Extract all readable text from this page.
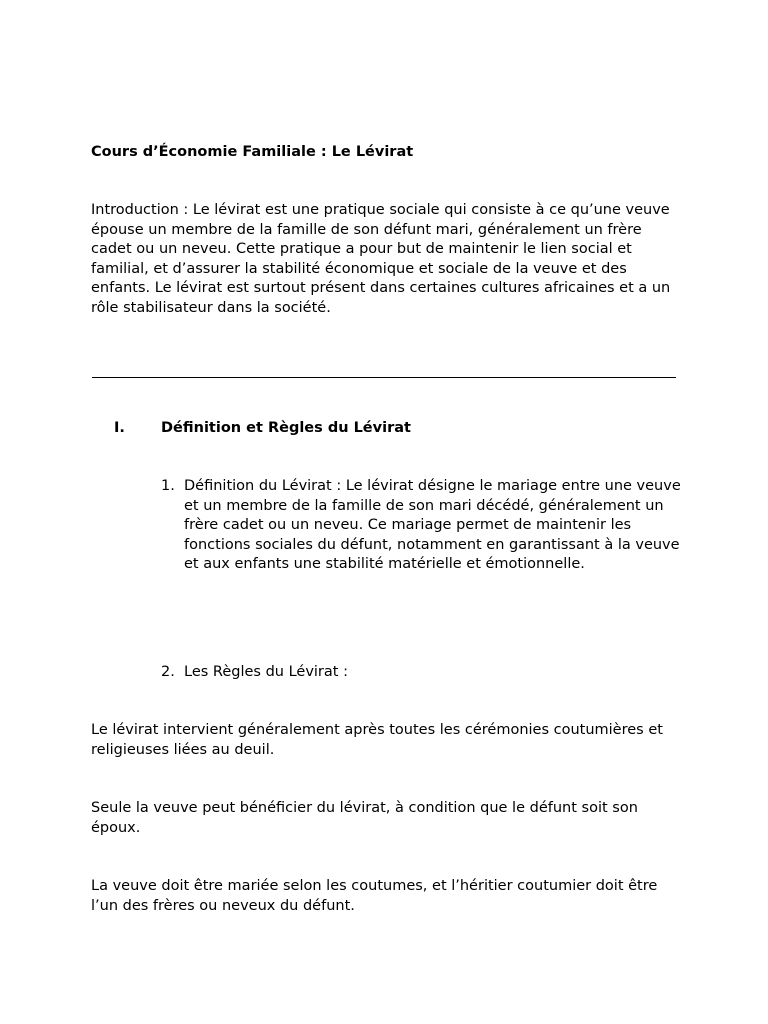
Cours d’Économie Familiale : Le Lévirat
Introduction : Le lévirat est une pratique sociale qui consiste à ce qu’une veuve épouse un membre de la famille de son défunt mari, généralement un frère cadet ou un neveu. Cette pratique a pour but de maintenir le lien social et familial, et d’assurer la stabilité économique et sociale de la veuve et des enfants. Le lévirat est surtout présent dans certaines cultures africaines et a un rôle stabilisateur dans la société.
I. Définition et Règles du Lévirat
1. Définition du Lévirat : Le lévirat désigne le mariage entre une veuve et un membre de la famille de son mari décédé, généralement un frère cadet ou un neveu. Ce mariage permet de maintenir les fonctions sociales du défunt, notamment en garantissant à la veuve et aux enfants une stabilité matérielle et émotionnelle.
2. Les Règles du Lévirat :
Le lévirat intervient généralement après toutes les cérémonies coutumières et religieuses liées au deuil.
Seule la veuve peut bénéficier du lévirat, à condition que le défunt soit son époux.
La veuve doit être mariée selon les coutumes, et l’héritier coutumier doit être l’un des frères ou neveux du défunt.
